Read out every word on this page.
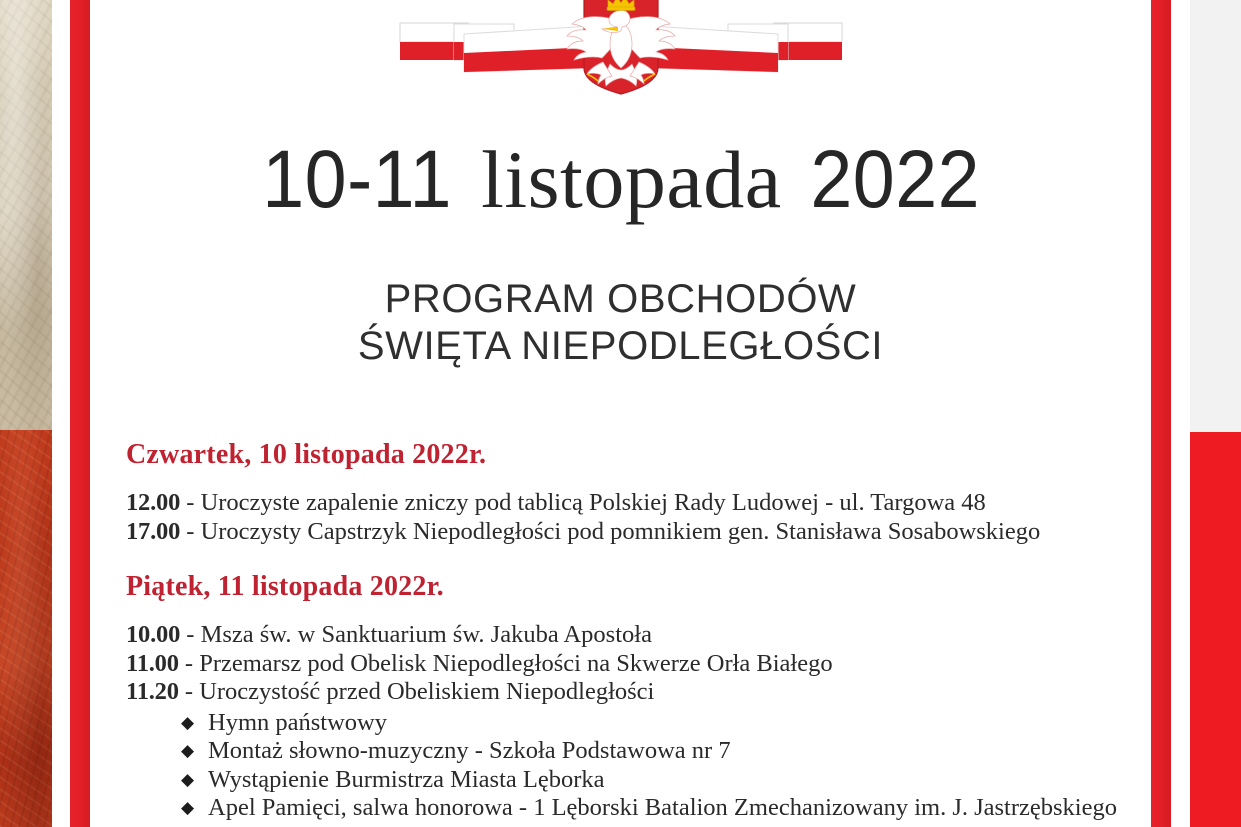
10-11 listopada 2022
PROGRAM OBCHODÓW
ŚWIĘTA NIEPODLEGŁOŚCI
Czwartek, 10 listopada 2022r.
12.00 - Uroczyste zapalenie zniczy pod tablicą Polskiej Rady Ludowej - ul. Targowa 48
17.00 - Uroczysty Capstrzyk Niepodległości pod pomnikiem gen. Stanisława Sosabowskiego
Piątek, 11 listopada 2022r.
10.00 - Msza św. w Sanktuarium św. Jakuba Apostoła
11.00 - Przemarsz pod Obelisk Niepodległości na Skwerze Orła Białego
11.20 - Uroczystość przed Obeliskiem Niepodległości
◆ Hymn państwowy
◆ Montaż słowno-muzyczny - Szkoła Podstawowa nr 7
◆ Wystąpienie Burmistrza Miasta Lęborka
◆ Apel Pamięci, salwa honorowa - 1 Lęborski Batalion Zmechanizowany im. J. Jastrzębskiego
